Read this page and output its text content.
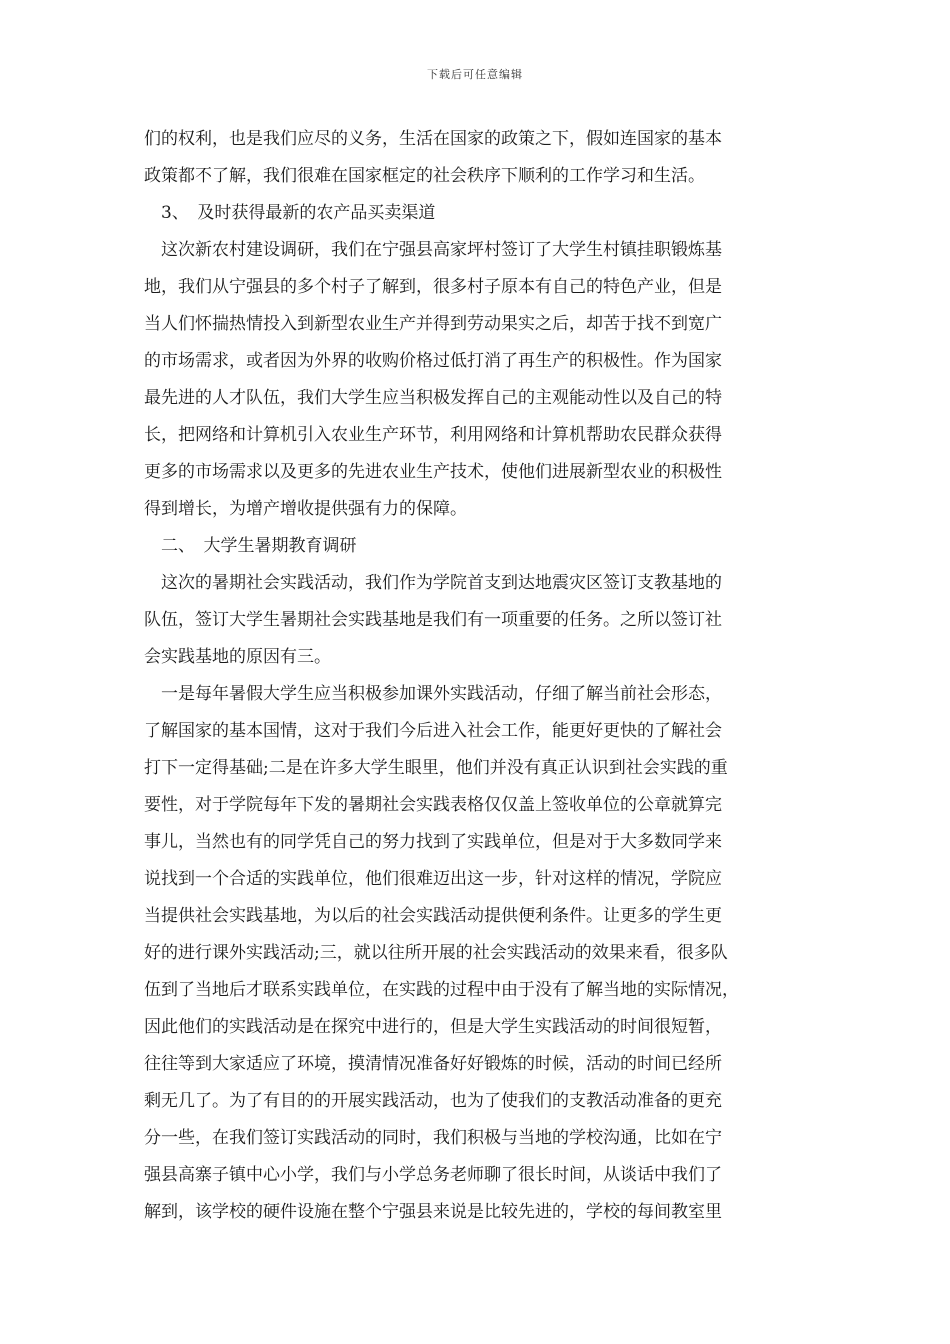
下载后可任意编辑
们的权利，也是我们应尽的义务，生活在国家的政策之下，假如连国家的基本
政策都不了解，我们很难在国家框定的社会秩序下顺利的工作学习和生活。
3、　及时获得最新的农产品买卖渠道
这次新农村建设调研，我们在宁强县高家坪村签订了大学生村镇挂职锻炼基
地，我们从宁强县的多个村子了解到，很多村子原本有自己的特色产业，但是
当人们怀揣热情投入到新型农业生产并得到劳动果实之后，却苦于找不到宽广
的市场需求，或者因为外界的收购价格过低打消了再生产的积极性。作为国家
最先进的人才队伍，我们大学生应当积极发挥自己的主观能动性以及自己的特
长，把网络和计算机引入农业生产环节，利用网络和计算机帮助农民群众获得
更多的市场需求以及更多的先进农业生产技术，使他们进展新型农业的积极性
得到增长，为增产增收提供强有力的保障。
二、　大学生暑期教育调研
这次的暑期社会实践活动，我们作为学院首支到达地震灾区签订支教基地的
队伍，签订大学生暑期社会实践基地是我们有一项重要的任务。之所以签订社
会实践基地的原因有三。
一是每年暑假大学生应当积极参加课外实践活动，仔细了解当前社会形态，
了解国家的基本国情，这对于我们今后进入社会工作，能更好更快的了解社会
打下一定得基础;二是在许多大学生眼里，他们并没有真正认识到社会实践的重
要性，对于学院每年下发的暑期社会实践表格仅仅盖上签收单位的公章就算完
事儿，当然也有的同学凭自己的努力找到了实践单位，但是对于大多数同学来
说找到一个合适的实践单位，他们很难迈出这一步，针对这样的情况，学院应
当提供社会实践基地，为以后的社会实践活动提供便利条件。让更多的学生更
好的进行课外实践活动;三，就以往所开展的社会实践活动的效果来看，很多队
伍到了当地后才联系实践单位，在实践的过程中由于没有了解当地的实际情况，
因此他们的实践活动是在探究中进行的，但是大学生实践活动的时间很短暂，
往往等到大家适应了环境，摸清情况准备好好锻炼的时候，活动的时间已经所
剩无几了。为了有目的的开展实践活动，也为了使我们的支教活动准备的更充
分一些，在我们签订实践活动的同时，我们积极与当地的学校沟通，比如在宁
强县高寨子镇中心小学，我们与小学总务老师聊了很长时间，从谈话中我们了
解到，该学校的硬件设施在整个宁强县来说是比较先进的，学校的每间教室里
